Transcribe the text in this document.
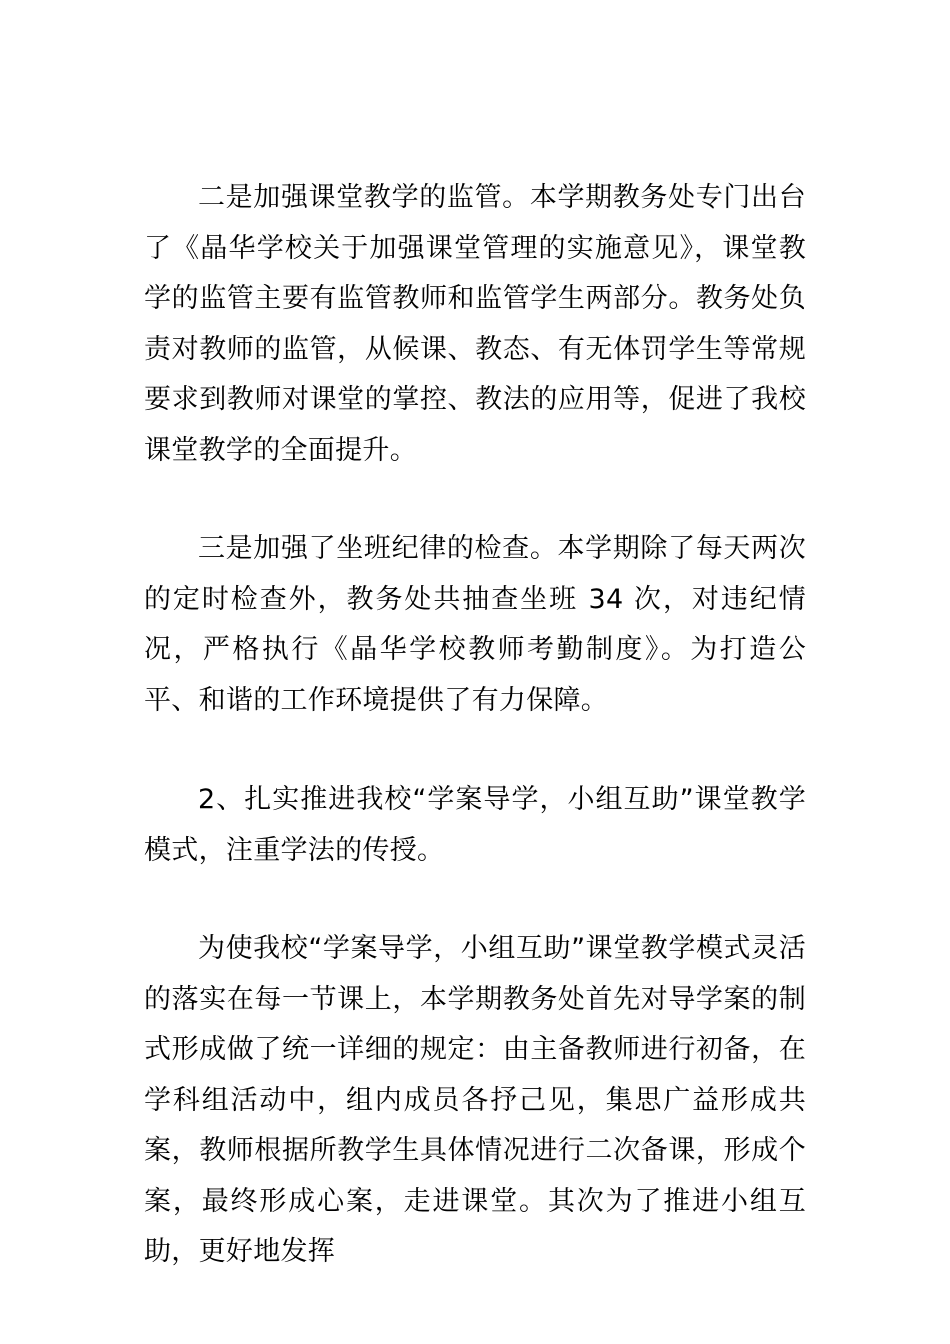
二是加强课堂教学的监管。本学期教务处专门出台了《晶华学校关于加强课堂管理的实施意见》，课堂教学的监管主要有监管教师和监管学生两部分。教务处负责对教师的监管，从候课、教态、有无体罚学生等常规要求到教师对课堂的掌控、教法的应用等，促进了我校课堂教学的全面提升。

三是加强了坐班纪律的检查。本学期除了每天两次的定时检查外，教务处共抽查坐班 34 次，对违纪情况，严格执行《晶华学校教师考勤制度》。为打造公平、和谐的工作环境提供了有力保障。

2、扎实推进我校“学案导学，小组互助”课堂教学模式，注重学法的传授。

为使我校“学案导学，小组互助”课堂教学模式灵活的落实在每一节课上，本学期教务处首先对导学案的制式形成做了统一详细的规定：由主备教师进行初备，在学科组活动中，组内成员各抒己见，集思广益形成共案，教师根据所教学生具体情况进行二次备课，形成个案，最终形成心案，走进课堂。其次为了推进小组互助，更好地发挥
